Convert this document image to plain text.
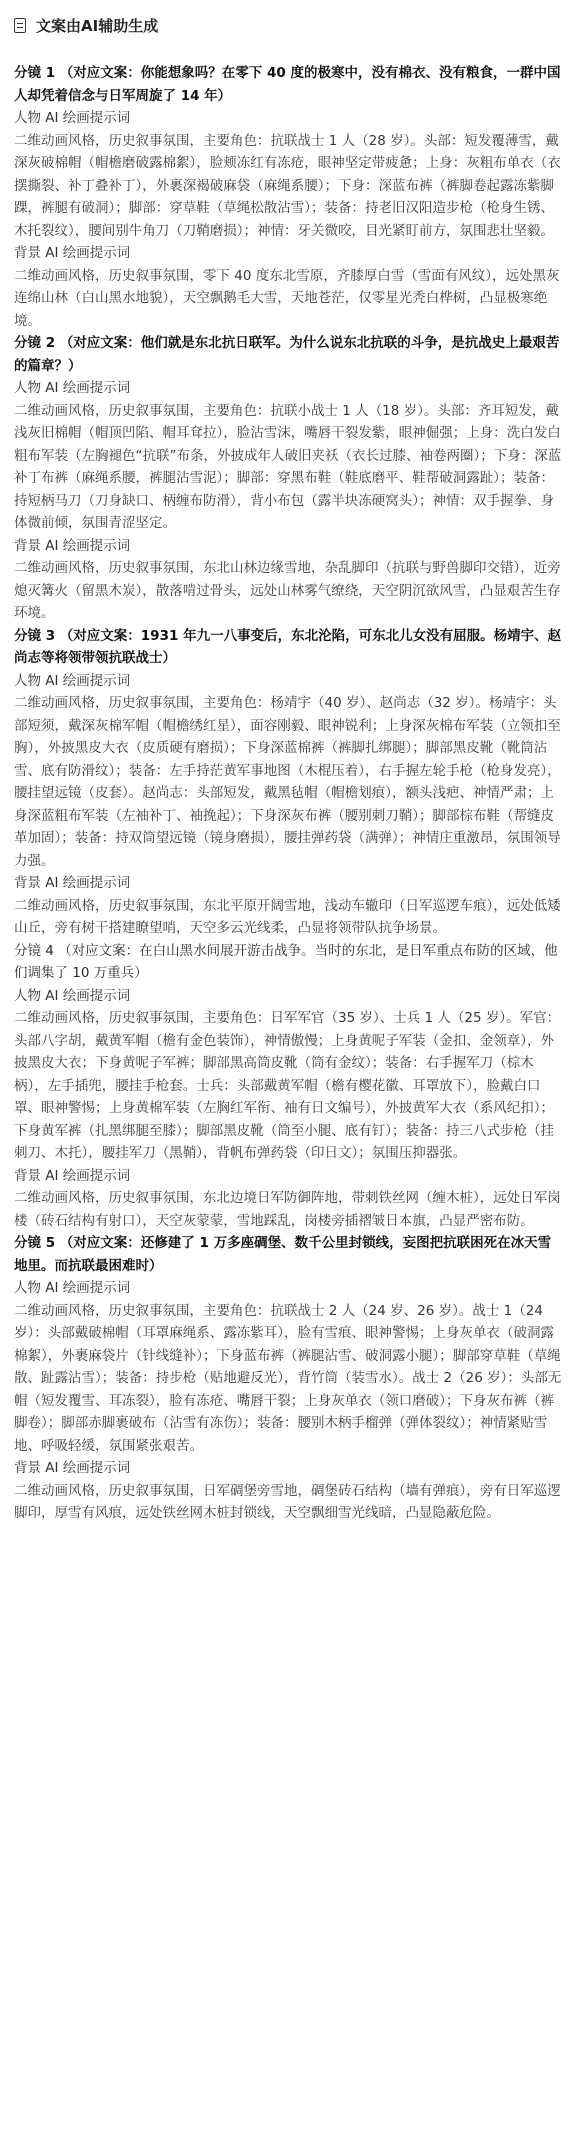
文案由AI辅助生成

分镜 1 （对应文案：你能想象吗？在零下 40 度的极寒中，没有棉衣、没有粮食，一群中国人却凭着信念与日军周旋了 14 年）

人物 AI 绘画提示词

二维动画风格，历史叙事氛围，主要角色：抗联战士 1 人（28 岁）。头部：短发覆薄雪，戴深灰破棉帽（帽檐磨破露棉絮），脸颊冻红有冻疮，眼神坚定带疲惫；上身：灰粗布单衣（衣摆撕裂、补丁叠补丁），外裹深褐破麻袋（麻绳系腰）；下身：深蓝布裤（裤脚卷起露冻紫脚踝，裤腿有破洞）；脚部：穿草鞋（草绳松散沾雪）；装备：持老旧汉阳造步枪（枪身生锈、木托裂纹），腰间别牛角刀（刀鞘磨损）；神情：牙关微咬，目光紧盯前方，氛围悲壮坚毅。

背景 AI 绘画提示词

二维动画风格，历史叙事氛围，零下 40 度东北雪原，齐膝厚白雪（雪面有风纹），远处黑灰连绵山林（白山黑水地貌），天空飘鹅毛大雪，天地苍茫，仅零星光秃白桦树，凸显极寒绝境。

分镜 2 （对应文案：他们就是东北抗日联军。为什么说东北抗联的斗争，是抗战史上最艰苦的篇章？）

人物 AI 绘画提示词

二维动画风格，历史叙事氛围，主要角色：抗联小战士 1 人（18 岁）。头部：齐耳短发，戴浅灰旧棉帽（帽顶凹陷、帽耳耷拉），脸沾雪沫，嘴唇干裂发紫，眼神倔强；上身：洗白发白粗布军装（左胸褪色“抗联”布条，外披成年人破旧夹袄（衣长过膝、袖卷两圈）；下身：深蓝补丁布裤（麻绳系腰，裤腿沾雪泥）；脚部：穿黑布鞋（鞋底磨平、鞋帮破洞露趾）；装备：持短柄马刀（刀身缺口、柄缠布防滑），背小布包（露半块冻硬窝头）；神情：双手握拳、身体微前倾，氛围青涩坚定。

背景 AI 绘画提示词

二维动画风格，历史叙事氛围，东北山林边缘雪地，杂乱脚印（抗联与野兽脚印交错），近旁熄灭篝火（留黑木炭），散落啃过骨头，远处山林雾气缭绕，天空阴沉欲风雪，凸显艰苦生存环境。

分镜 3 （对应文案：1931 年九一八事变后，东北沦陷，可东北儿女没有屈服。杨靖宇、赵尚志等将领带领抗联战士）

人物 AI 绘画提示词

二维动画风格，历史叙事氛围，主要角色：杨靖宇（40 岁）、赵尚志（32 岁）。杨靖宇：头部短须，戴深灰棉军帽（帽檐绣红星），面容刚毅、眼神锐利；上身深灰棉布军装（立领扣至胸），外披黑皮大衣（皮质硬有磨损）；下身深蓝棉裤（裤脚扎绑腿）；脚部黑皮靴（靴筒沾雪、底有防滑纹）；装备：左手持茫黄军事地图（木棍压着），右手握左轮手枪（枪身发亮），腰挂望远镜（皮套）。赵尚志：头部短发，戴黑毡帽（帽檐划痕），额头浅疤、神情严肃；上身深蓝粗布军装（左袖补丁、袖挽起）；下身深灰布裤（腰别刺刀鞘）；脚部棕布鞋（帮缝皮革加固）；装备：持双筒望远镜（镜身磨损），腰挂弹药袋（满弹）；神情庄重激昂，氛围领导力强。

背景 AI 绘画提示词

二维动画风格，历史叙事氛围，东北平原开阔雪地，浅动车辙印（日军巡逻车痕），远处低矮山丘，旁有树干搭建瞭望哨，天空多云光线柔，凸显将领带队抗争场景。

分镜 4 （对应文案：在白山黑水间展开游击战争。当时的东北，是日军重点布防的区域，他们调集了 10 万重兵）

人物 AI 绘画提示词

二维动画风格，历史叙事氛围，主要角色：日军军官（35 岁）、士兵 1 人（25 岁）。军官：头部八字胡，戴黄军帽（檐有金色装饰），神情傲慢；上身黄呢子军装（金扣、金领章），外披黑皮大衣；下身黄呢子军裤；脚部黑高筒皮靴（筒有金纹）；装备：右手握军刀（棕木柄），左手插兜，腰挂手枪套。士兵：头部戴黄军帽（檐有樱花徽、耳罩放下），脸戴白口罩、眼神警惕；上身黄棉军装（左胸红军衔、袖有日文编号），外披黄军大衣（系风纪扣）；下身黄军裤（扎黑绑腿至膝）；脚部黑皮靴（筒至小腿、底有钉）；装备：持三八式步枪（挂刺刀、木托），腰挂军刀（黑鞘），背帆布弹药袋（印日文）；氛围压抑器张。

背景 AI 绘画提示词

二维动画风格，历史叙事氛围，东北边境日军防御阵地，带刺铁丝网（缠木桩），远处日军岗楼（砖石结构有射口），天空灰蒙蒙，雪地踩乱，岗楼旁插褶皱日本旗，凸显严密布防。

分镜 5 （对应文案：还修建了 1 万多座碉堡、数千公里封锁线，妄图把抗联困死在冰天雪地里。而抗联最困难时）

人物 AI 绘画提示词

二维动画风格，历史叙事氛围，主要角色：抗联战士 2 人（24 岁、26 岁）。战士 1（24 岁）：头部戴破棉帽（耳罩麻绳系、露冻紫耳），脸有雪痕、眼神警惕；上身灰单衣（破洞露棉絮），外裹麻袋片（针线缝补）；下身蓝布裤（裤腿沾雪、破洞露小腿）；脚部穿草鞋（草绳散、趾露沾雪）；装备：持步枪（贴地避反光），背竹筒（装雪水）。战士 2（26 岁）：头部无帽（短发覆雪、耳冻裂），脸有冻疮、嘴唇干裂；上身灰单衣（领口磨破）；下身灰布裤（裤脚卷）；脚部赤脚裹破布（沾雪有冻伤）；装备：腰别木柄手榴弹（弹体裂纹）；神情紧贴雪地、呼吸轻缓，氛围紧张艰苦。

背景 AI 绘画提示词

二维动画风格，历史叙事氛围，日军碉堡旁雪地，碉堡砖石结构（墙有弹痕），旁有日军巡逻脚印，厚雪有风痕，远处铁丝网木桩封锁线，天空飘细雪光线暗，凸显隐蔽危险。
